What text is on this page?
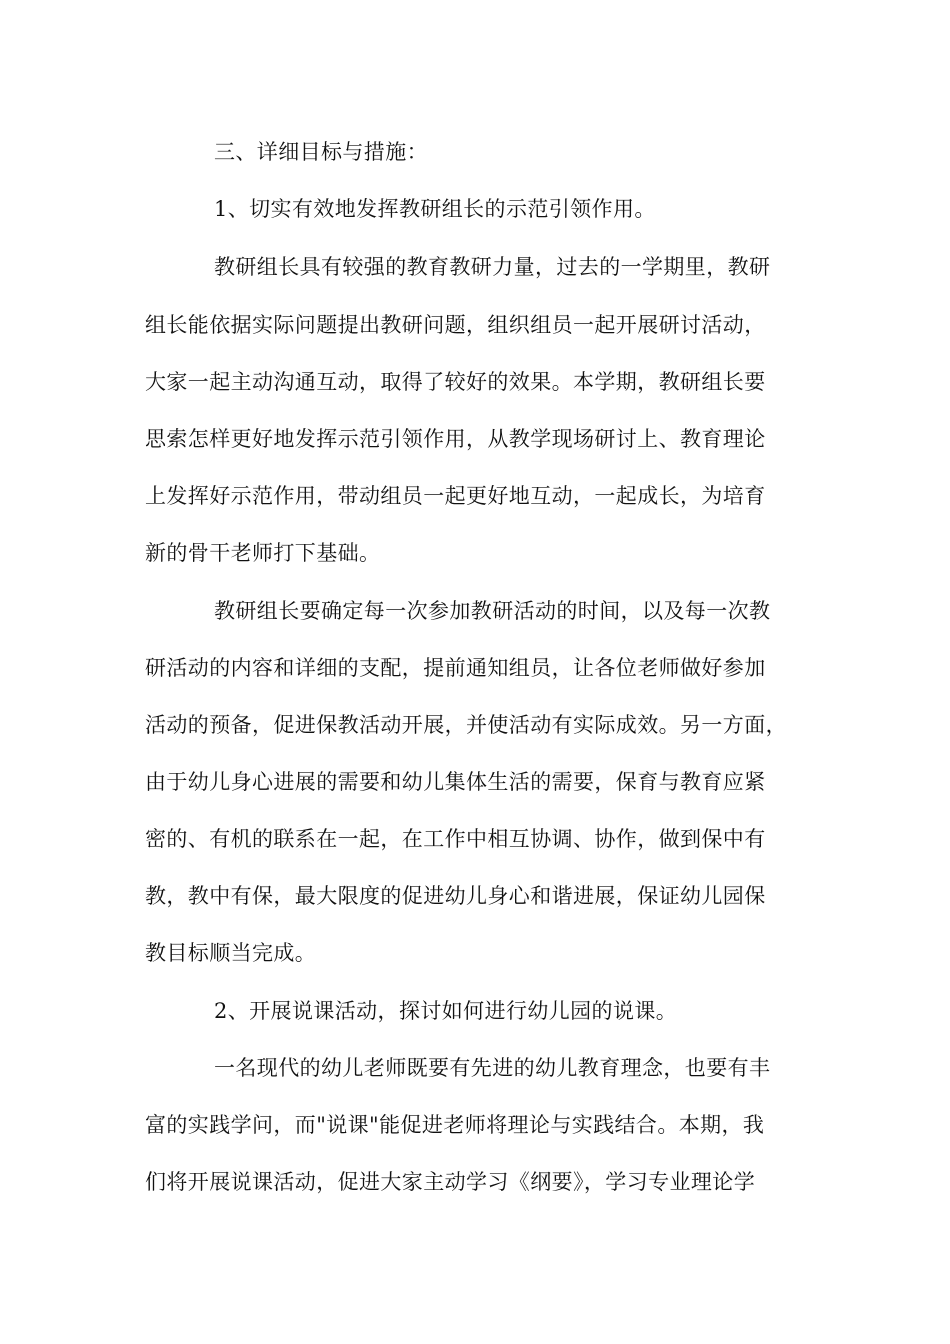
三、详细目标与措施：
1、切实有效地发挥教研组长的示范引领作用。
教研组长具有较强的教育教研力量，过去的一学期里，教研
组长能依据实际问题提出教研问题，组织组员一起开展研讨活动，
大家一起主动沟通互动，取得了较好的效果。本学期，教研组长要
思索怎样更好地发挥示范引领作用，从教学现场研讨上、教育理论
上发挥好示范作用，带动组员一起更好地互动，一起成长，为培育
新的骨干老师打下基础。
教研组长要确定每一次参加教研活动的时间，以及每一次教
研活动的内容和详细的支配，提前通知组员，让各位老师做好参加
活动的预备，促进保教活动开展，并使活动有实际成效。另一方面，
由于幼儿身心进展的需要和幼儿集体生活的需要，保育与教育应紧
密的、有机的联系在一起，在工作中相互协调、协作，做到保中有
教，教中有保，最大限度的促进幼儿身心和谐进展，保证幼儿园保
教目标顺当完成。
2、开展说课活动，探讨如何进行幼儿园的说课。
一名现代的幼儿老师既要有先进的幼儿教育理念，也要有丰
富的实践学问，而"说课"能促进老师将理论与实践结合。本期，我
们将开展说课活动，促进大家主动学习《纲要》，学习专业理论学
